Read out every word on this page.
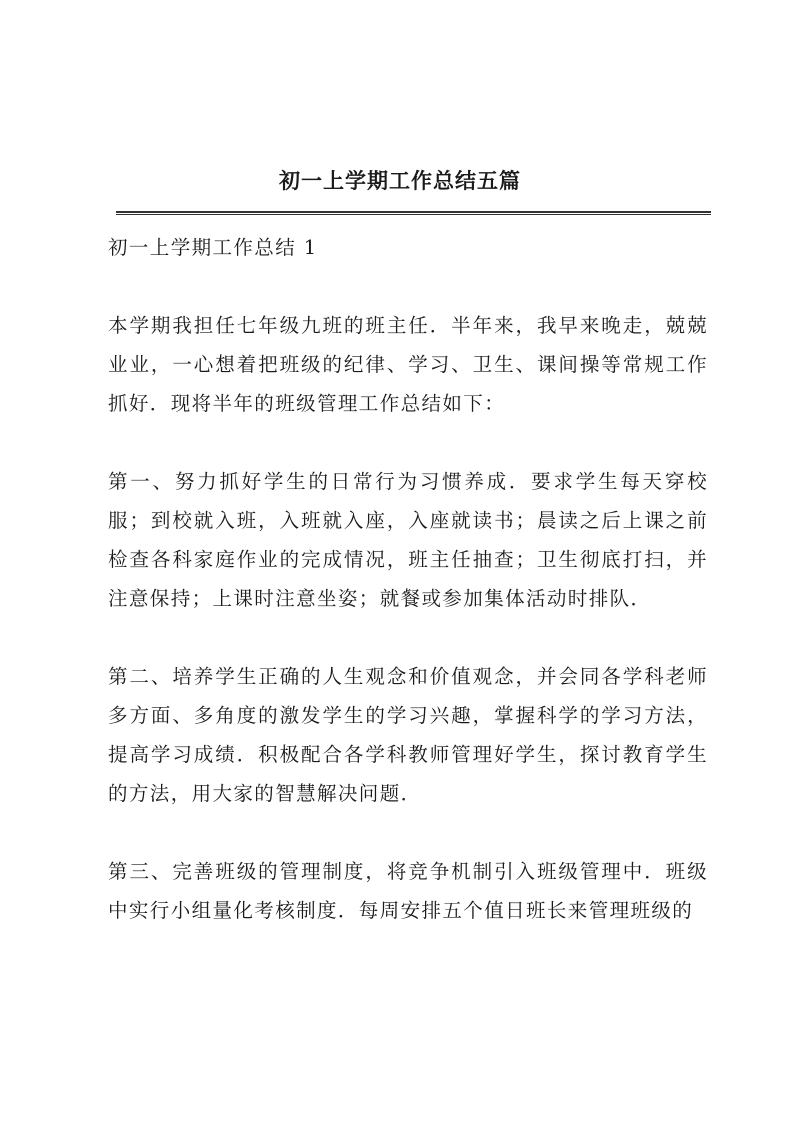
初一上学期工作总结五篇

初一上学期工作总结 1

本学期我担任七年级九班的班主任．半年来，我早来晚走，兢兢业业，一心想着把班级的纪律、学习、卫生、课间操等常规工作抓好．现将半年的班级管理工作总结如下：

第一、努力抓好学生的日常行为习惯养成．要求学生每天穿校服；到校就入班，入班就入座，入座就读书；晨读之后上课之前检查各科家庭作业的完成情况，班主任抽查；卫生彻底打扫，并注意保持；上课时注意坐姿；就餐或参加集体活动时排队．

第二、培养学生正确的人生观念和价值观念，并会同各学科老师多方面、多角度的激发学生的学习兴趣，掌握科学的学习方法，提高学习成绩．积极配合各学科教师管理好学生，探讨教育学生的方法，用大家的智慧解决问题．

第三、完善班级的管理制度，将竞争机制引入班级管理中．班级中实行小组量化考核制度．每周安排五个值日班长来管理班级的
